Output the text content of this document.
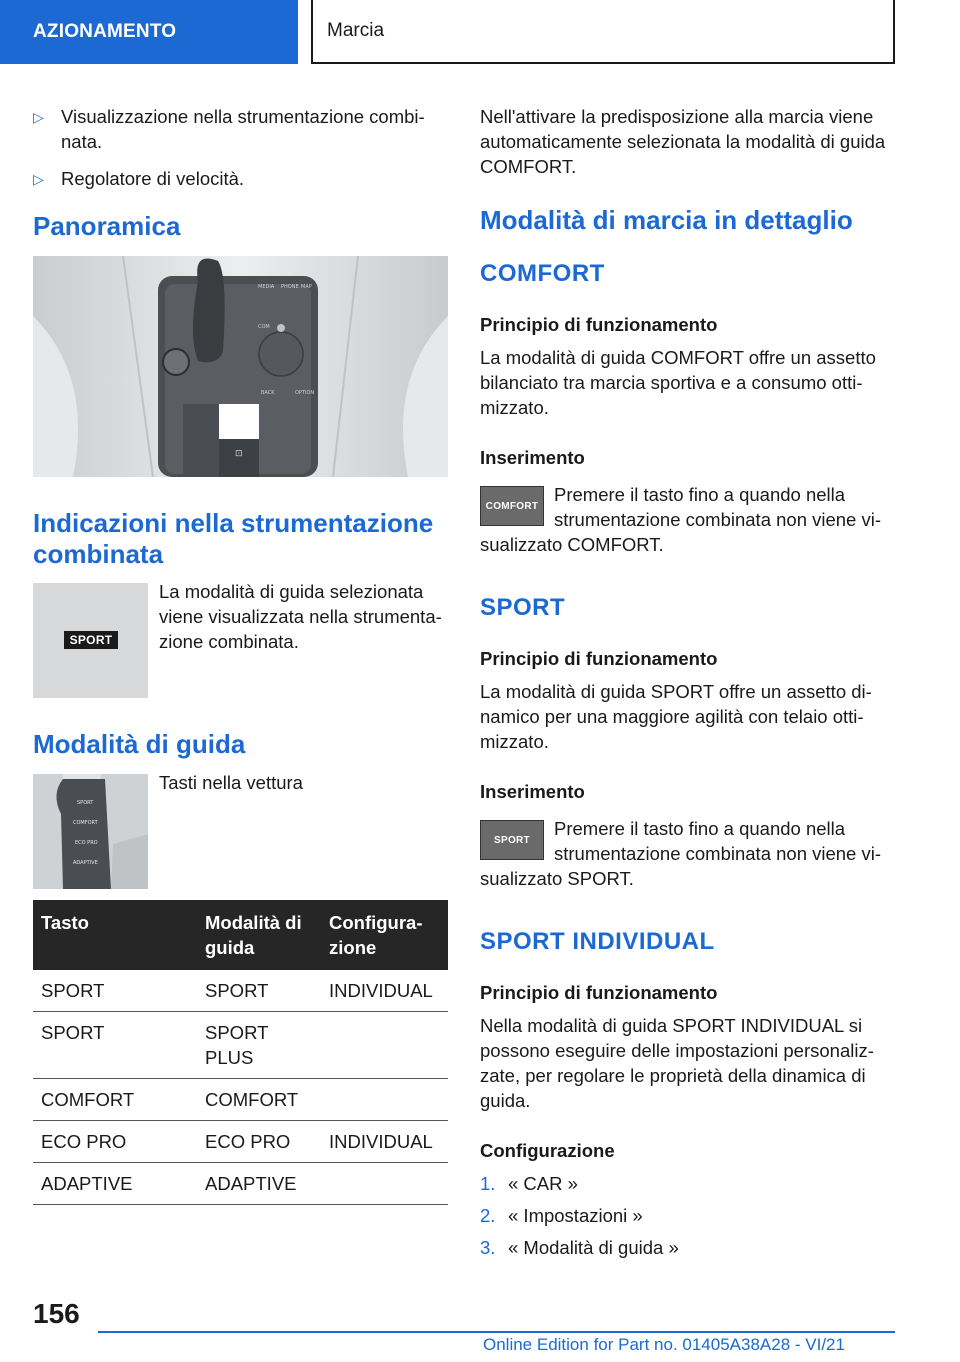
AZIONAMENTO	Marcia
▷ Visualizzazione nella strumentazione combi-
nata.
▷ Regolatore di velocità.
Panoramica
MEDIA PHONE MAP
COM
BACK	OPTION
⊡
Indicazioni nella strumentazione
combinata
SPORT
La modalità di guida selezionata
viene visualizzata nella strumenta-
zione combinata.
Modalità di guida
SPORT
COMFORT
ECO PRO
ADAPTIVE
Tasti nella vettura
Tasto	Modalità di guida	Configura-zione
SPORT	SPORT	INDIVIDUAL
SPORT	SPORT PLUS	
COMFORT	COMFORT	
ECO PRO	ECO PRO	INDIVIDUAL
ADAPTIVE	ADAPTIVE	
Nell'attivare la predisposizione alla marcia viene
automaticamente selezionata la modalità di guida
COMFORT.
Modalità di marcia in dettaglio
COMFORT
Principio di funzionamento
La modalità di guida COMFORT offre un assetto
bilanciato tra marcia sportiva e a consumo otti-
mizzato.
Inserimento
COMFORT
Premere il tasto fino a quando nella
strumentazione combinata non viene vi-
sualizzato COMFORT.
SPORT
Principio di funzionamento
La modalità di guida SPORT offre un assetto di-
namico per una maggiore agilità con telaio otti-
mizzato.
Inserimento
SPORT
Premere il tasto fino a quando nella
strumentazione combinata non viene vi-
sualizzato SPORT.
SPORT INDIVIDUAL
Principio di funzionamento
Nella modalità di guida SPORT INDIVIDUAL si
possono eseguire delle impostazioni personaliz-
zate, per regolare le proprietà della dinamica di
guida.
Configurazione
1. « CAR »
2. « Impostazioni »
3. « Modalità di guida »
156
Online Edition for Part no. 01405A38A28 - VI/21
